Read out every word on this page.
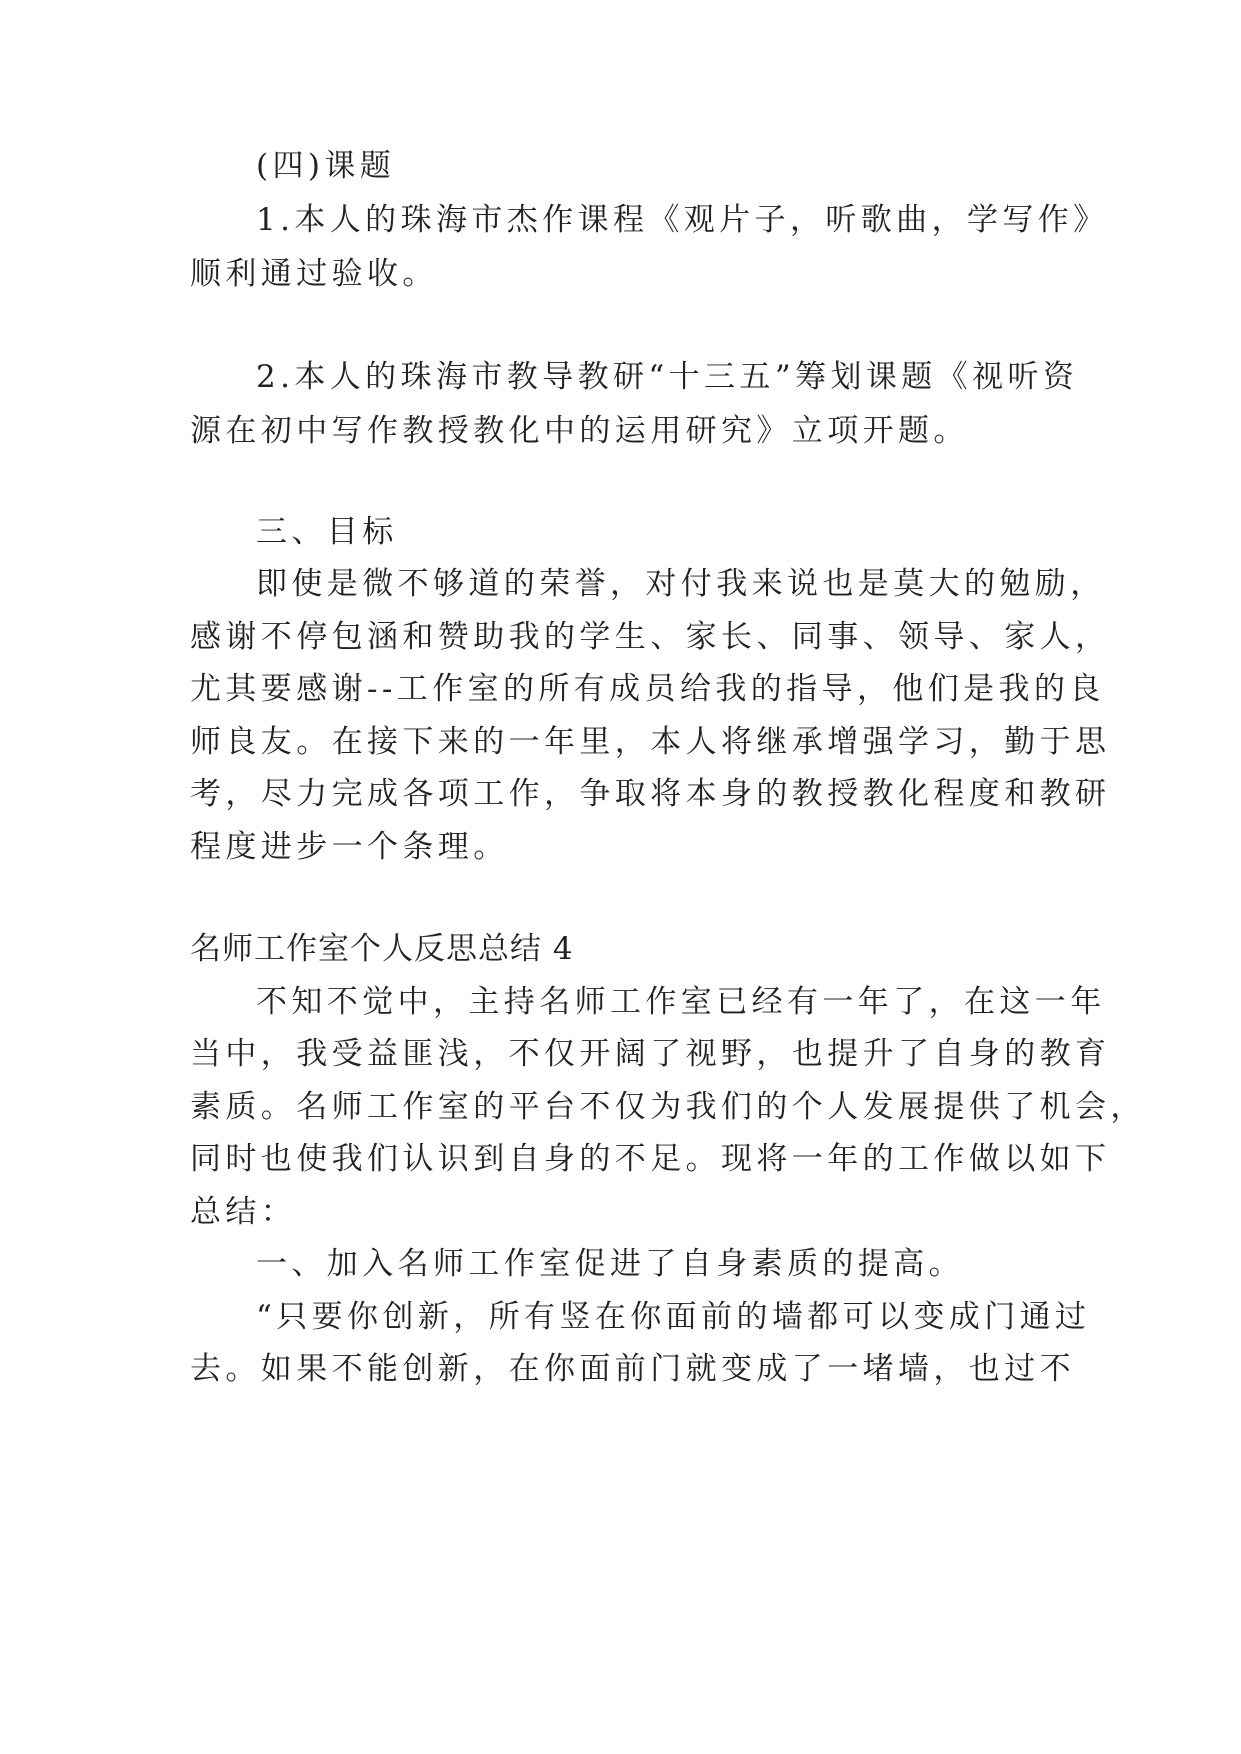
(四)课题
1.本人的珠海市杰作课程《观片子，听歌曲，学写作》
顺利通过验收。
2.本人的珠海市教导教研“十三五”筹划课题《视听资
源在初中写作教授教化中的运用研究》立项开题。
三、目标
即使是微不够道的荣誉，对付我来说也是莫大的勉励，
感谢不停包涵和赞助我的学生、家长、同事、领导、家人，
尤其要感谢--工作室的所有成员给我的指导，他们是我的良
师良友。在接下来的一年里，本人将继承增强学习，勤于思
考，尽力完成各项工作，争取将本身的教授教化程度和教研
程度进步一个条理。
名师工作室个人反思总结 4
不知不觉中，主持名师工作室已经有一年了，在这一年
当中，我受益匪浅，不仅开阔了视野，也提升了自身的教育
素质。名师工作室的平台不仅为我们的个人发展提供了机会，
同时也使我们认识到自身的不足。现将一年的工作做以如下
总结：
一、加入名师工作室促进了自身素质的提高。
“只要你创新，所有竖在你面前的墙都可以变成门通过
去。如果不能创新，在你面前门就变成了一堵墙，也过不
